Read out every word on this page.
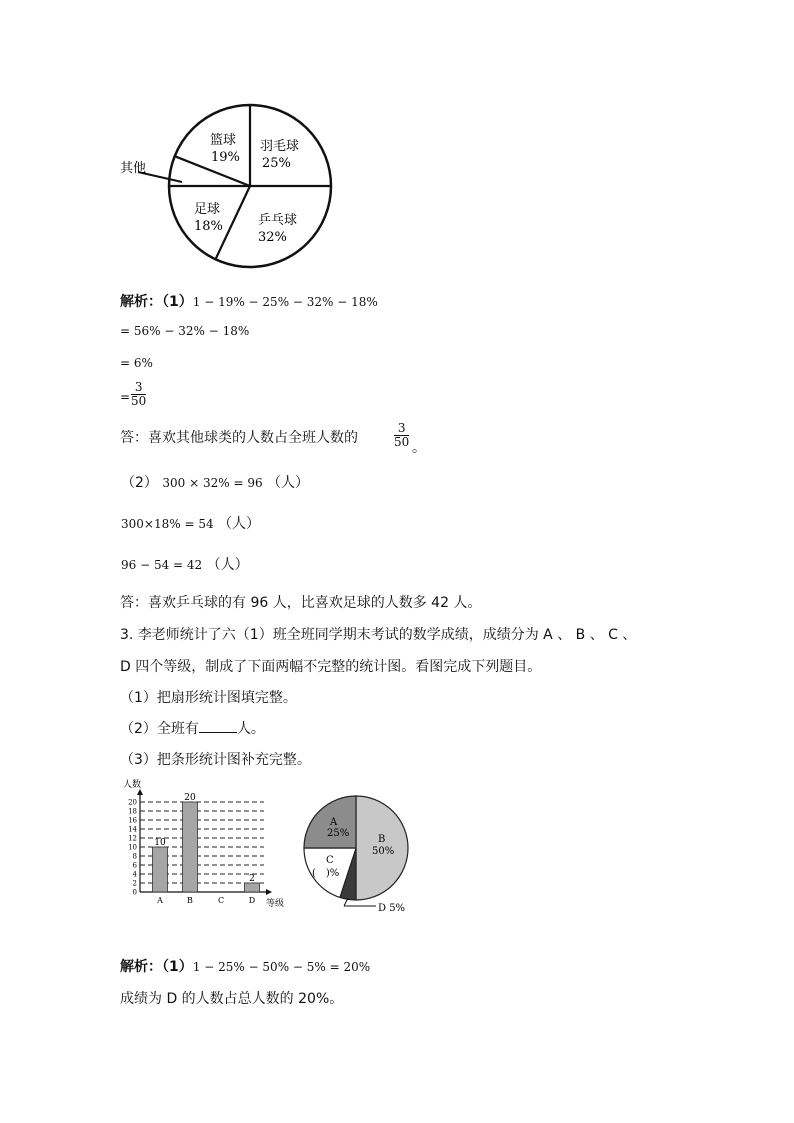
其他
羽毛球
25%
篮球
19%
足球
18%	乒乓球
32%
解析：（1）1 − 19% − 25% − 32% − 18%
= 56% − 32% − 18%
= 6%
= $\frac{3}{50}$
答：喜欢其他球类的人数占全班人数的	$\frac{3}{50}$ 。
（2） 300 × 32% = 96 （人）
300×18% = 54 （人）
96 − 54 = 42 （人）
答：喜欢乒乓球的有 96 人，比喜欢足球的人数多 42 人。
3. 李老师统计了六（1）班全班同学期末考试的数学成绩，成绩分为 A 、 B 、 C 、
D 四个等级，制成了下面两幅不完整的统计图。看图完成下列题目。
（1）把扇形统计图填完整。
（2）全班有	人。
（3）把条形统计图补充完整。
人数
0
2
4
6
8
10
12
14
16
18
20
10
20
2
A	B	C	D 等级
A
25%
B
50%
C
(　)%
D 5%
解析：（1）1 − 25% − 50% − 5% = 20%
成绩为 D 的人数占总人数的 20%。
